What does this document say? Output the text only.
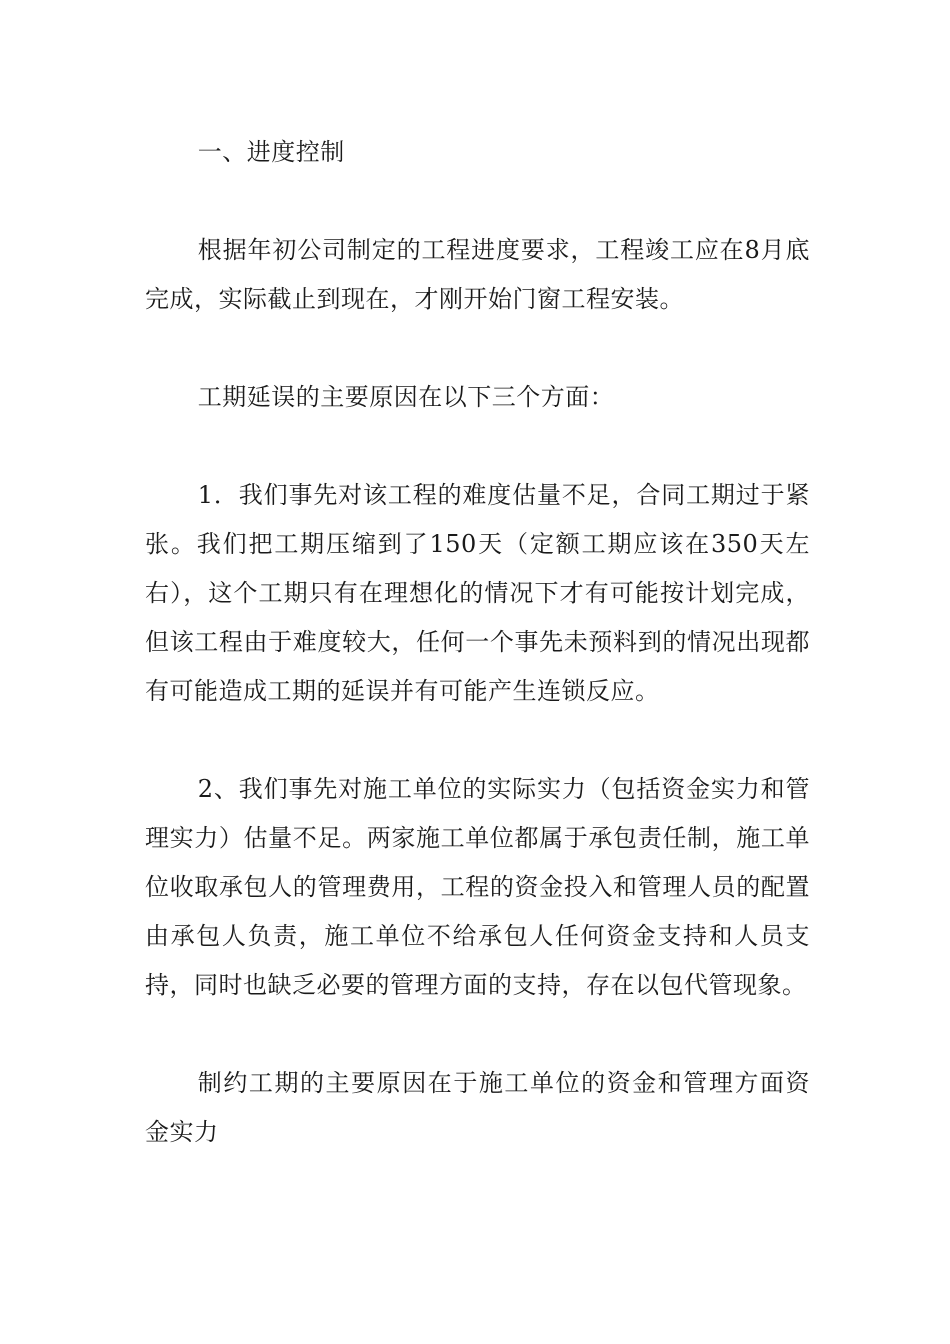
一、进度控制

根据年初公司制定的工程进度要求，工程竣工应在8月底完成，实际截止到现在，才刚开始门窗工程安装。

工期延误的主要原因在以下三个方面：

1．我们事先对该工程的难度估量不足，合同工期过于紧张。我们把工期压缩到了150天（定额工期应该在350天左右），这个工期只有在理想化的情况下才有可能按计划完成，但该工程由于难度较大，任何一个事先未预料到的情况出现都有可能造成工期的延误并有可能产生连锁反应。

2、我们事先对施工单位的实际实力（包括资金实力和管理实力）估量不足。两家施工单位都属于承包责任制，施工单位收取承包人的管理费用，工程的资金投入和管理人员的配置由承包人负责，施工单位不给承包人任何资金支持和人员支持，同时也缺乏必要的管理方面的支持，存在以包代管现象。

制约工期的主要原因在于施工单位的资金和管理方面资金实力
